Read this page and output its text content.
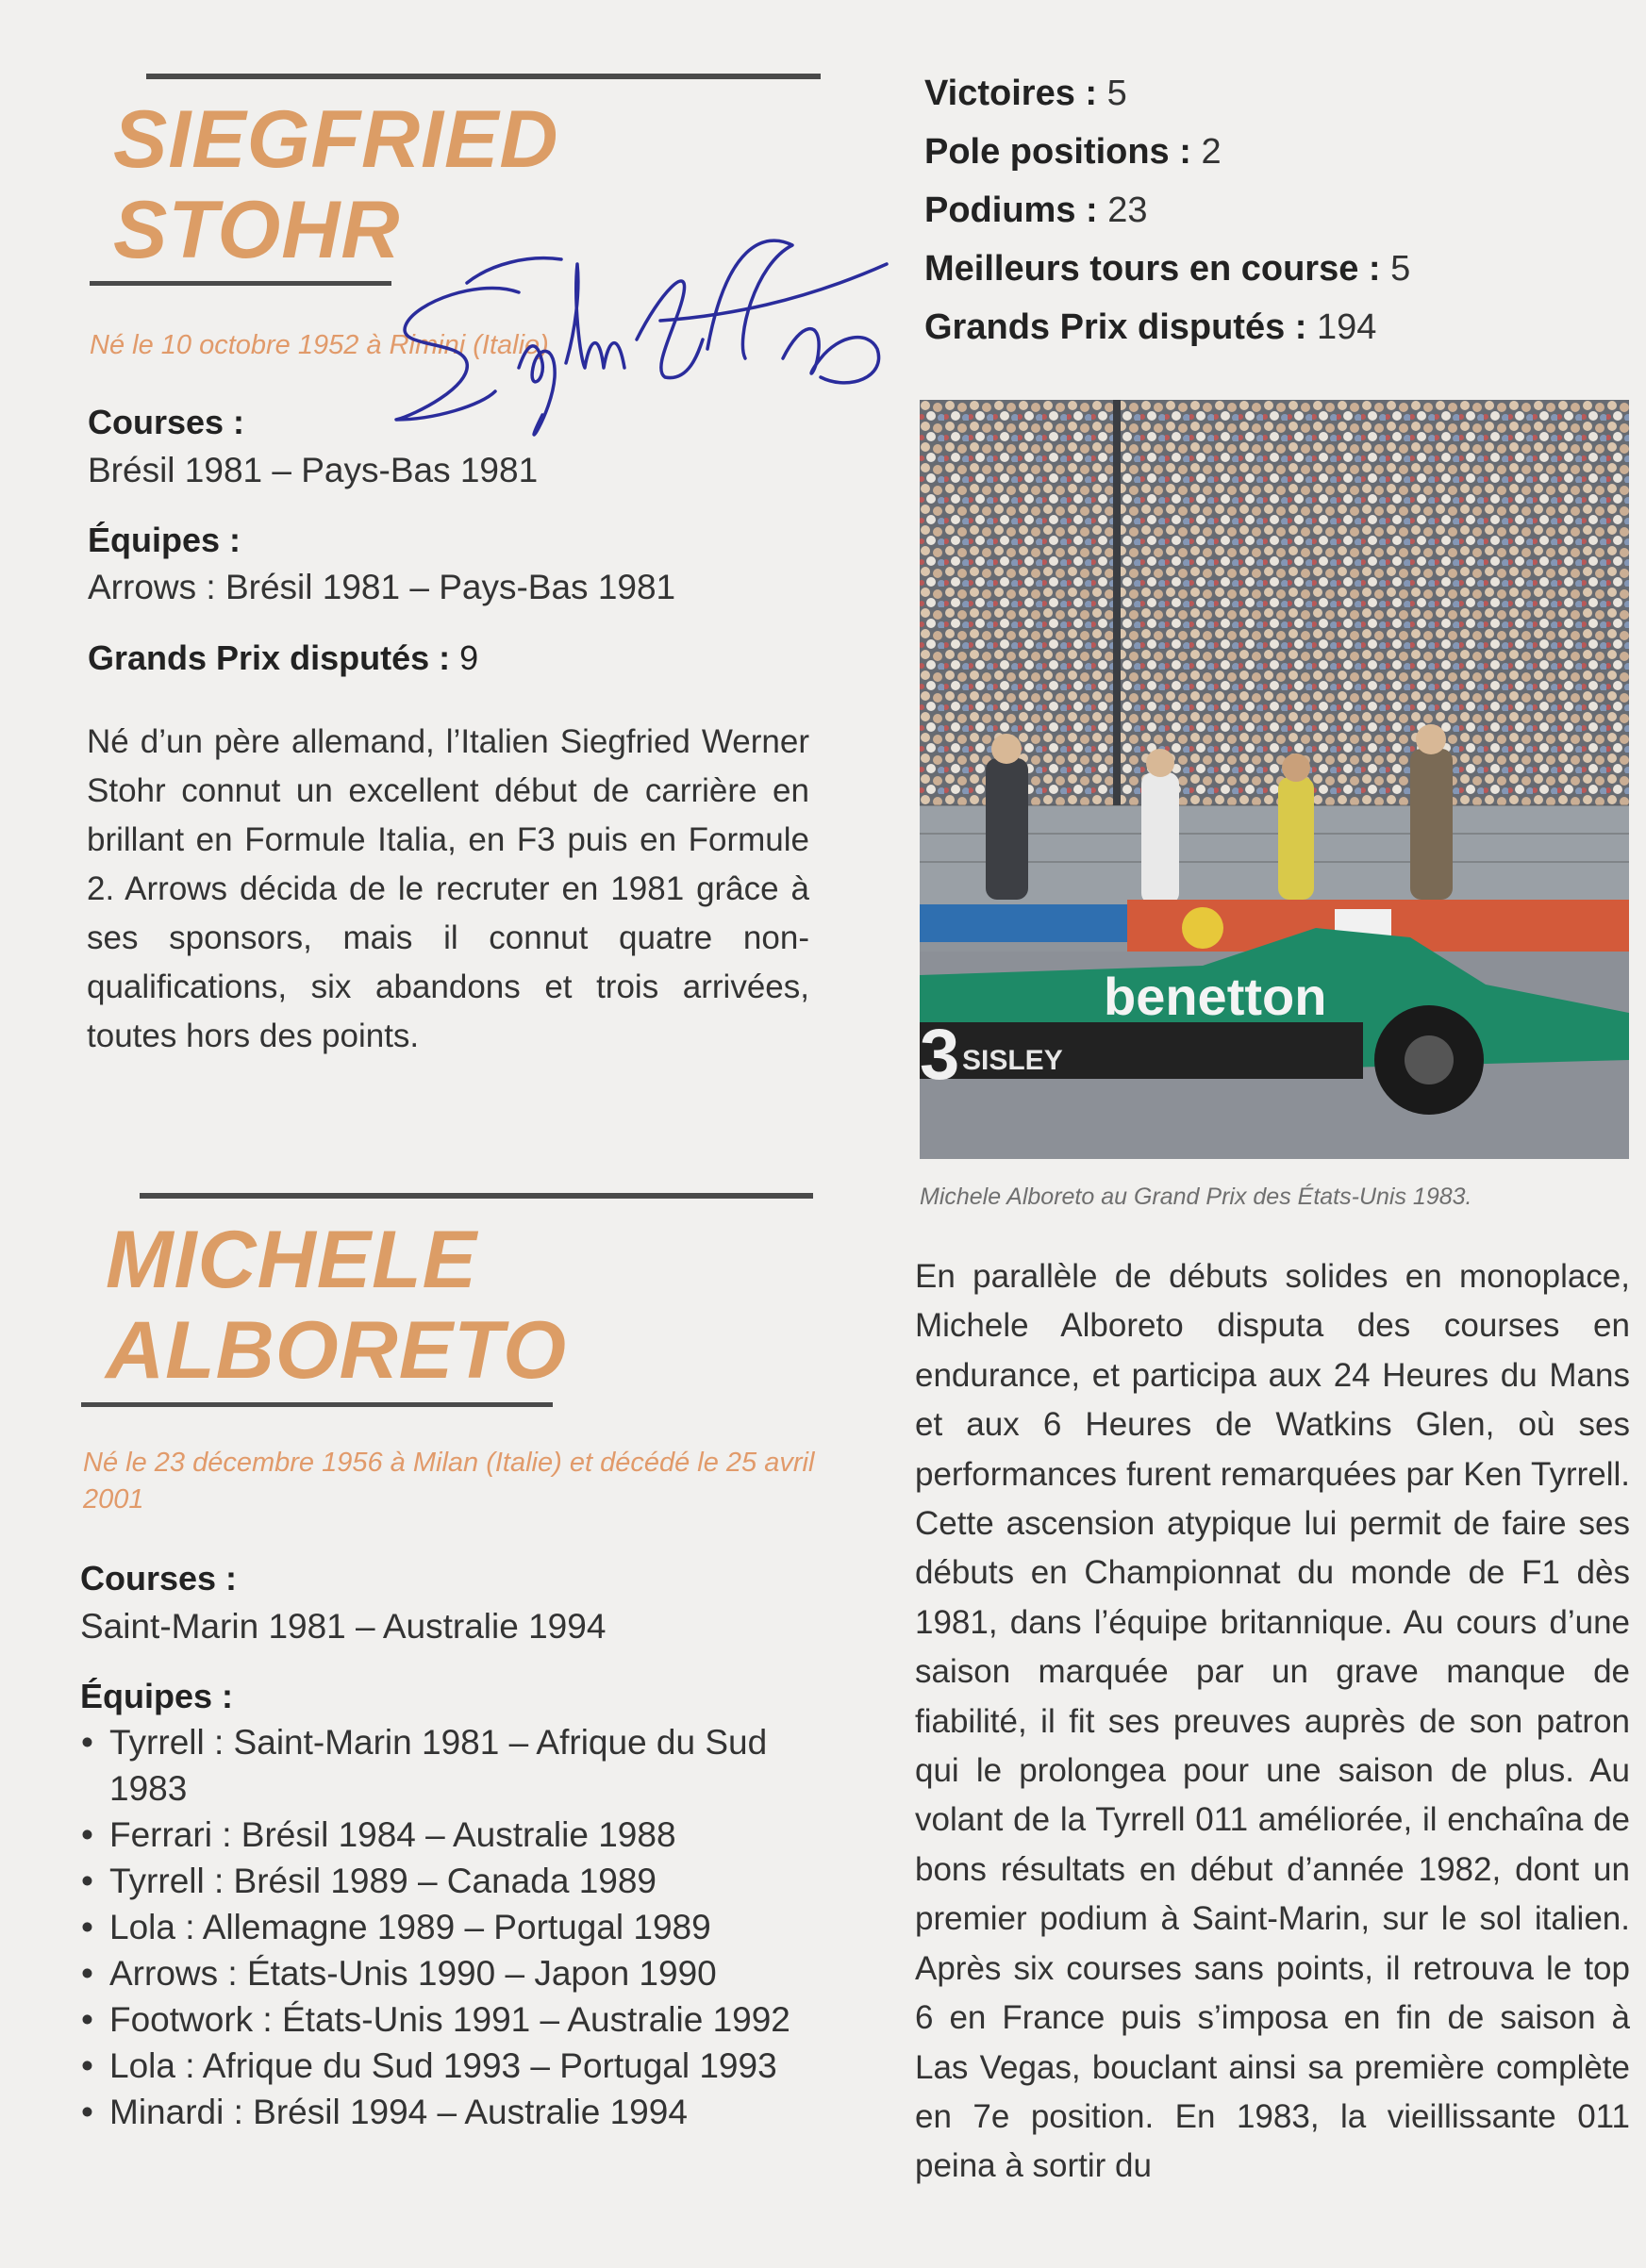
SIEGFRIED
STOHR

Né le 10 octobre 1952 à Rimini (Italie)

Courses :

Brésil 1981 – Pays-Bas 1981

Équipes :

Arrows : Brésil 1981 – Pays-Bas 1981

Grands Prix disputés : 9

Né d’un père allemand, l’Italien Siegfried Werner Stohr connut un excellent début de carrière en brillant en Formule Italia, en F3 puis en Formule 2. Arrows décida de le recruter en 1981 grâce à ses sponsors, mais il connut quatre non-qualifications, six abandons et trois arrivées, toutes hors des points.

Victoires : 5

Pole positions : 2

Podiums : 23

Meilleurs tours en course : 5

Grands Prix disputés : 194

benetton
SISLEY
3

Michele Alboreto au Grand Prix des États-Unis 1983.

MICHELE
ALBORETO

Né le 23 décembre 1956 à Milan (Italie) et décédé le 25 avril 2001

Courses :

Saint-Marin 1981 – Australie 1994

Équipes :

• Tyrrell : Saint-Marin 1981 – Afrique du Sud 1983
• Ferrari : Brésil 1984 – Australie 1988
• Tyrrell : Brésil 1989 – Canada 1989
• Lola : Allemagne 1989 – Portugal 1989
• Arrows : États-Unis 1990 – Japon 1990
• Footwork : États-Unis 1991 – Australie 1992
• Lola : Afrique du Sud 1993 – Portugal 1993
• Minardi : Brésil 1994 – Australie 1994

En parallèle de débuts solides en monoplace, Michele Alboreto disputa des courses en endurance, et participa aux 24 Heures du Mans et aux 6 Heures de Watkins Glen, où ses performances furent remarquées par Ken Tyrrell. Cette ascension atypique lui permit de faire ses débuts en Championnat du monde de F1 dès 1981, dans l’équipe britannique. Au cours d’une saison marquée par un grave manque de fiabilité, il fit ses preuves auprès de son patron qui le prolongea pour une saison de plus. Au volant de la Tyrrell 011 améliorée, il enchaîna de bons résultats en début d’année 1982, dont un premier podium à Saint-Marin, sur le sol italien. Après six courses sans points, il retrouva le top 6 en France puis s’imposa en fin de saison à Las Vegas, bouclant ainsi sa première complète en 7e position. En 1983, la vieillissante 011 peina à sortir du
